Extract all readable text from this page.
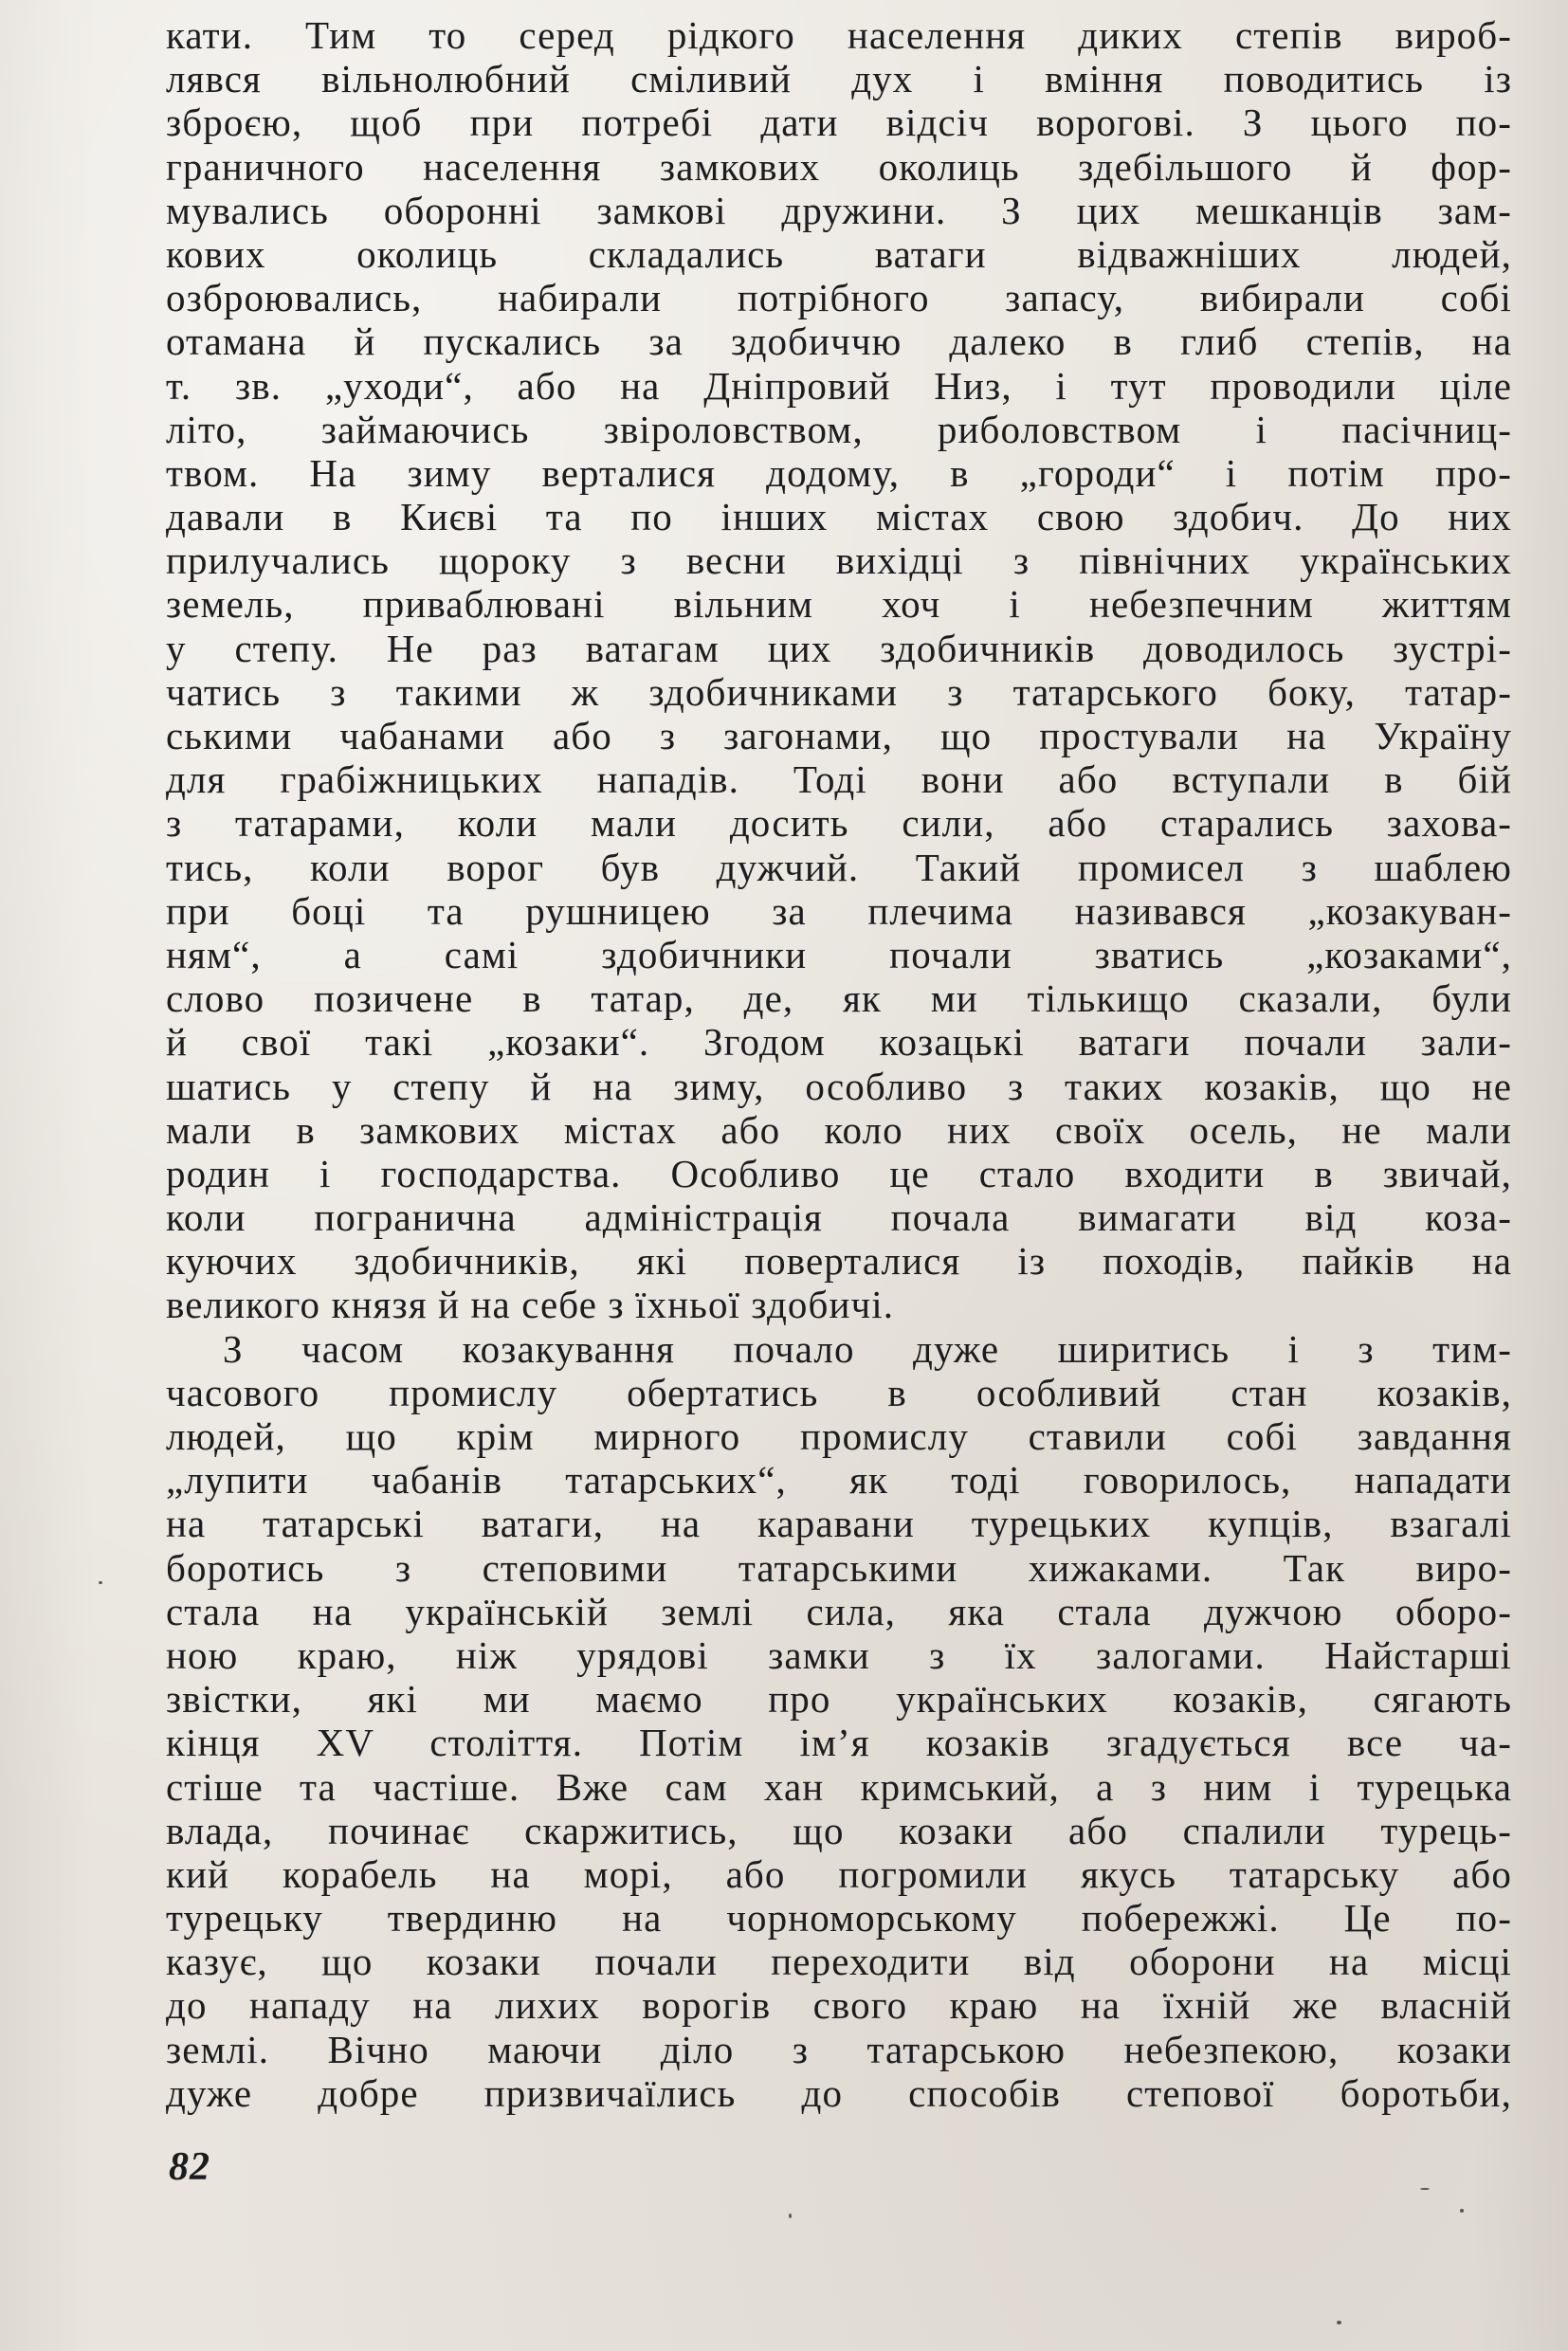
кати. Тим то серед рідкого населення диких степів вироб-
лявся вільнолюбний сміливий дух і вміння поводитись із
зброєю, щоб при потребі дати відсіч ворогові. З цього по-
граничного населення замкових околиць здебільшого й фор-
мувались оборонні замкові дружини. З цих мешканців зам-
кових околиць складались ватаги відважніших людей,
озброювались, набирали потрібного запасу, вибирали собі
отамана й пускались за здобиччю далеко в глиб степів, на
т. зв. „уходи“, або на Дніпровий Низ, і тут проводили ціле
літо, займаючись звіроловством, риболовством і пасічниц-
твом. На зиму верталися додому, в „городи“ і потім про-
давали в Києві та по інших містах свою здобич. До них
прилучались щороку з весни вихідці з північних українських
земель, приваблювані вільним хоч і небезпечним життям
у степу. Не раз ватагам цих здобичників доводилось зустрі-
чатись з такими ж здобичниками з татарського боку, татар-
ськими чабанами або з загонами, що простували на Україну
для грабіжницьких нападів. Тоді вони або вступали в бій
з татарами, коли мали досить сили, або старались захова-
тись, коли ворог був дужчий. Такий промисел з шаблею
при боці та рушницею за плечима називався „козакуван-
ням“, а самі здобичники почали зватись „козаками“,
слово позичене в татар, де, як ми тількищо сказали, були
й свої такі „козаки“. Згодом козацькі ватаги почали зали-
шатись у степу й на зиму, особливо з таких козаків, що не
мали в замкових містах або коло них своїх осель, не мали
родин і господарства. Особливо це стало входити в звичай,
коли погранична адміністрація почала вимагати від коза-
куючих здобичників, які поверталися із походів, пайків на
великого князя й на себе з їхньої здобичі.
З часом козакування почало дуже ширитись і з тим-
часового промислу обертатись в особливий стан козаків,
людей, що крім мирного промислу ставили собі завдання
„лупити чабанів татарських“, як тоді говорилось, нападати
на татарські ватаги, на каравани турецьких купців, взагалі
боротись з степовими татарськими хижаками. Так виро-
стала на українській землі сила, яка стала дужчою оборо-
ною краю, ніж урядові замки з їх залогами. Найстарші
звістки, які ми маємо про українських козаків, сягають
кінця XV століття. Потім ім’я козаків згадується все ча-
стіше та частіше. Вже сам хан кримський, а з ним і турецька
влада, починає скаржитись, що козаки або спалили турець-
кий корабель на морі, або погромили якусь татарську або
турецьку твердиню на чорноморському побережжі. Це по-
казує, що козаки почали переходити від оборони на місці
до нападу на лихих ворогів свого краю на їхній же власній
землі. Вічно маючи діло з татарською небезпекою, козаки
дуже добре призвичаїлись до способів степової боротьби,
82
